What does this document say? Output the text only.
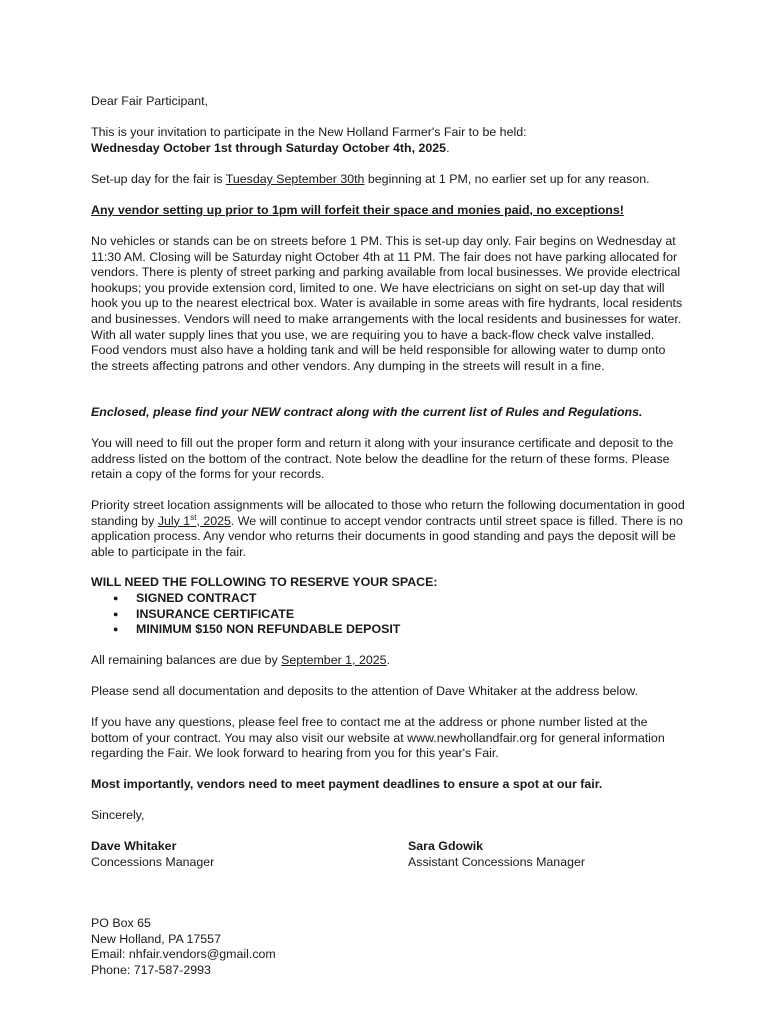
Dear Fair Participant,

This is your invitation to participate in the New Holland Farmer's Fair to be held:
Wednesday October 1st through Saturday October 4th, 2025.

Set-up day for the fair is Tuesday September 30th beginning at 1 PM, no earlier set up for any reason.

Any vendor setting up prior to 1pm will forfeit their space and monies paid, no exceptions!

No vehicles or stands can be on streets before 1 PM. This is set-up day only. Fair begins on Wednesday at 11:30 AM. Closing will be Saturday night October 4th at 11 PM. The fair does not have parking allocated for vendors. There is plenty of street parking and parking available from local businesses. We provide electrical hookups; you provide extension cord, limited to one. We have electricians on sight on set-up day that will hook you up to the nearest electrical box. Water is available in some areas with fire hydrants, local residents and businesses. Vendors will need to make arrangements with the local residents and businesses for water. With all water supply lines that you use, we are requiring you to have a back-flow check valve installed. Food vendors must also have a holding tank and will be held responsible for allowing water to dump onto the streets affecting patrons and other vendors. Any dumping in the streets will result in a fine.

Enclosed, please find your NEW contract along with the current list of Rules and Regulations.

You will need to fill out the proper form and return it along with your insurance certificate and deposit to the address listed on the bottom of the contract. Note below the deadline for the return of these forms. Please retain a copy of the forms for your records.

Priority street location assignments will be allocated to those who return the following documentation in good standing by July 1st, 2025. We will continue to accept vendor contracts until street space is filled. There is no application process. Any vendor who returns their documents in good standing and pays the deposit will be able to participate in the fair.

WILL NEED THE FOLLOWING TO RESERVE YOUR SPACE:

● SIGNED CONTRACT
● INSURANCE CERTIFICATE
● MINIMUM $150 NON REFUNDABLE DEPOSIT

All remaining balances are due by September 1, 2025.

Please send all documentation and deposits to the attention of Dave Whitaker at the address below.

If you have any questions, please feel free to contact me at the address or phone number listed at the bottom of your contract. You may also visit our website at www.newhollandfair.org for general information regarding the Fair. We look forward to hearing from you for this year's Fair.

Most importantly, vendors need to meet payment deadlines to ensure a spot at our fair.

Sincerely,

Dave Whitaker
Concessions Manager
Sara Gdowik
Assistant Concessions Manager
PO Box 65
New Holland, PA 17557
Email: nhfair.vendors@gmail.com
Phone: 717-587-2993
